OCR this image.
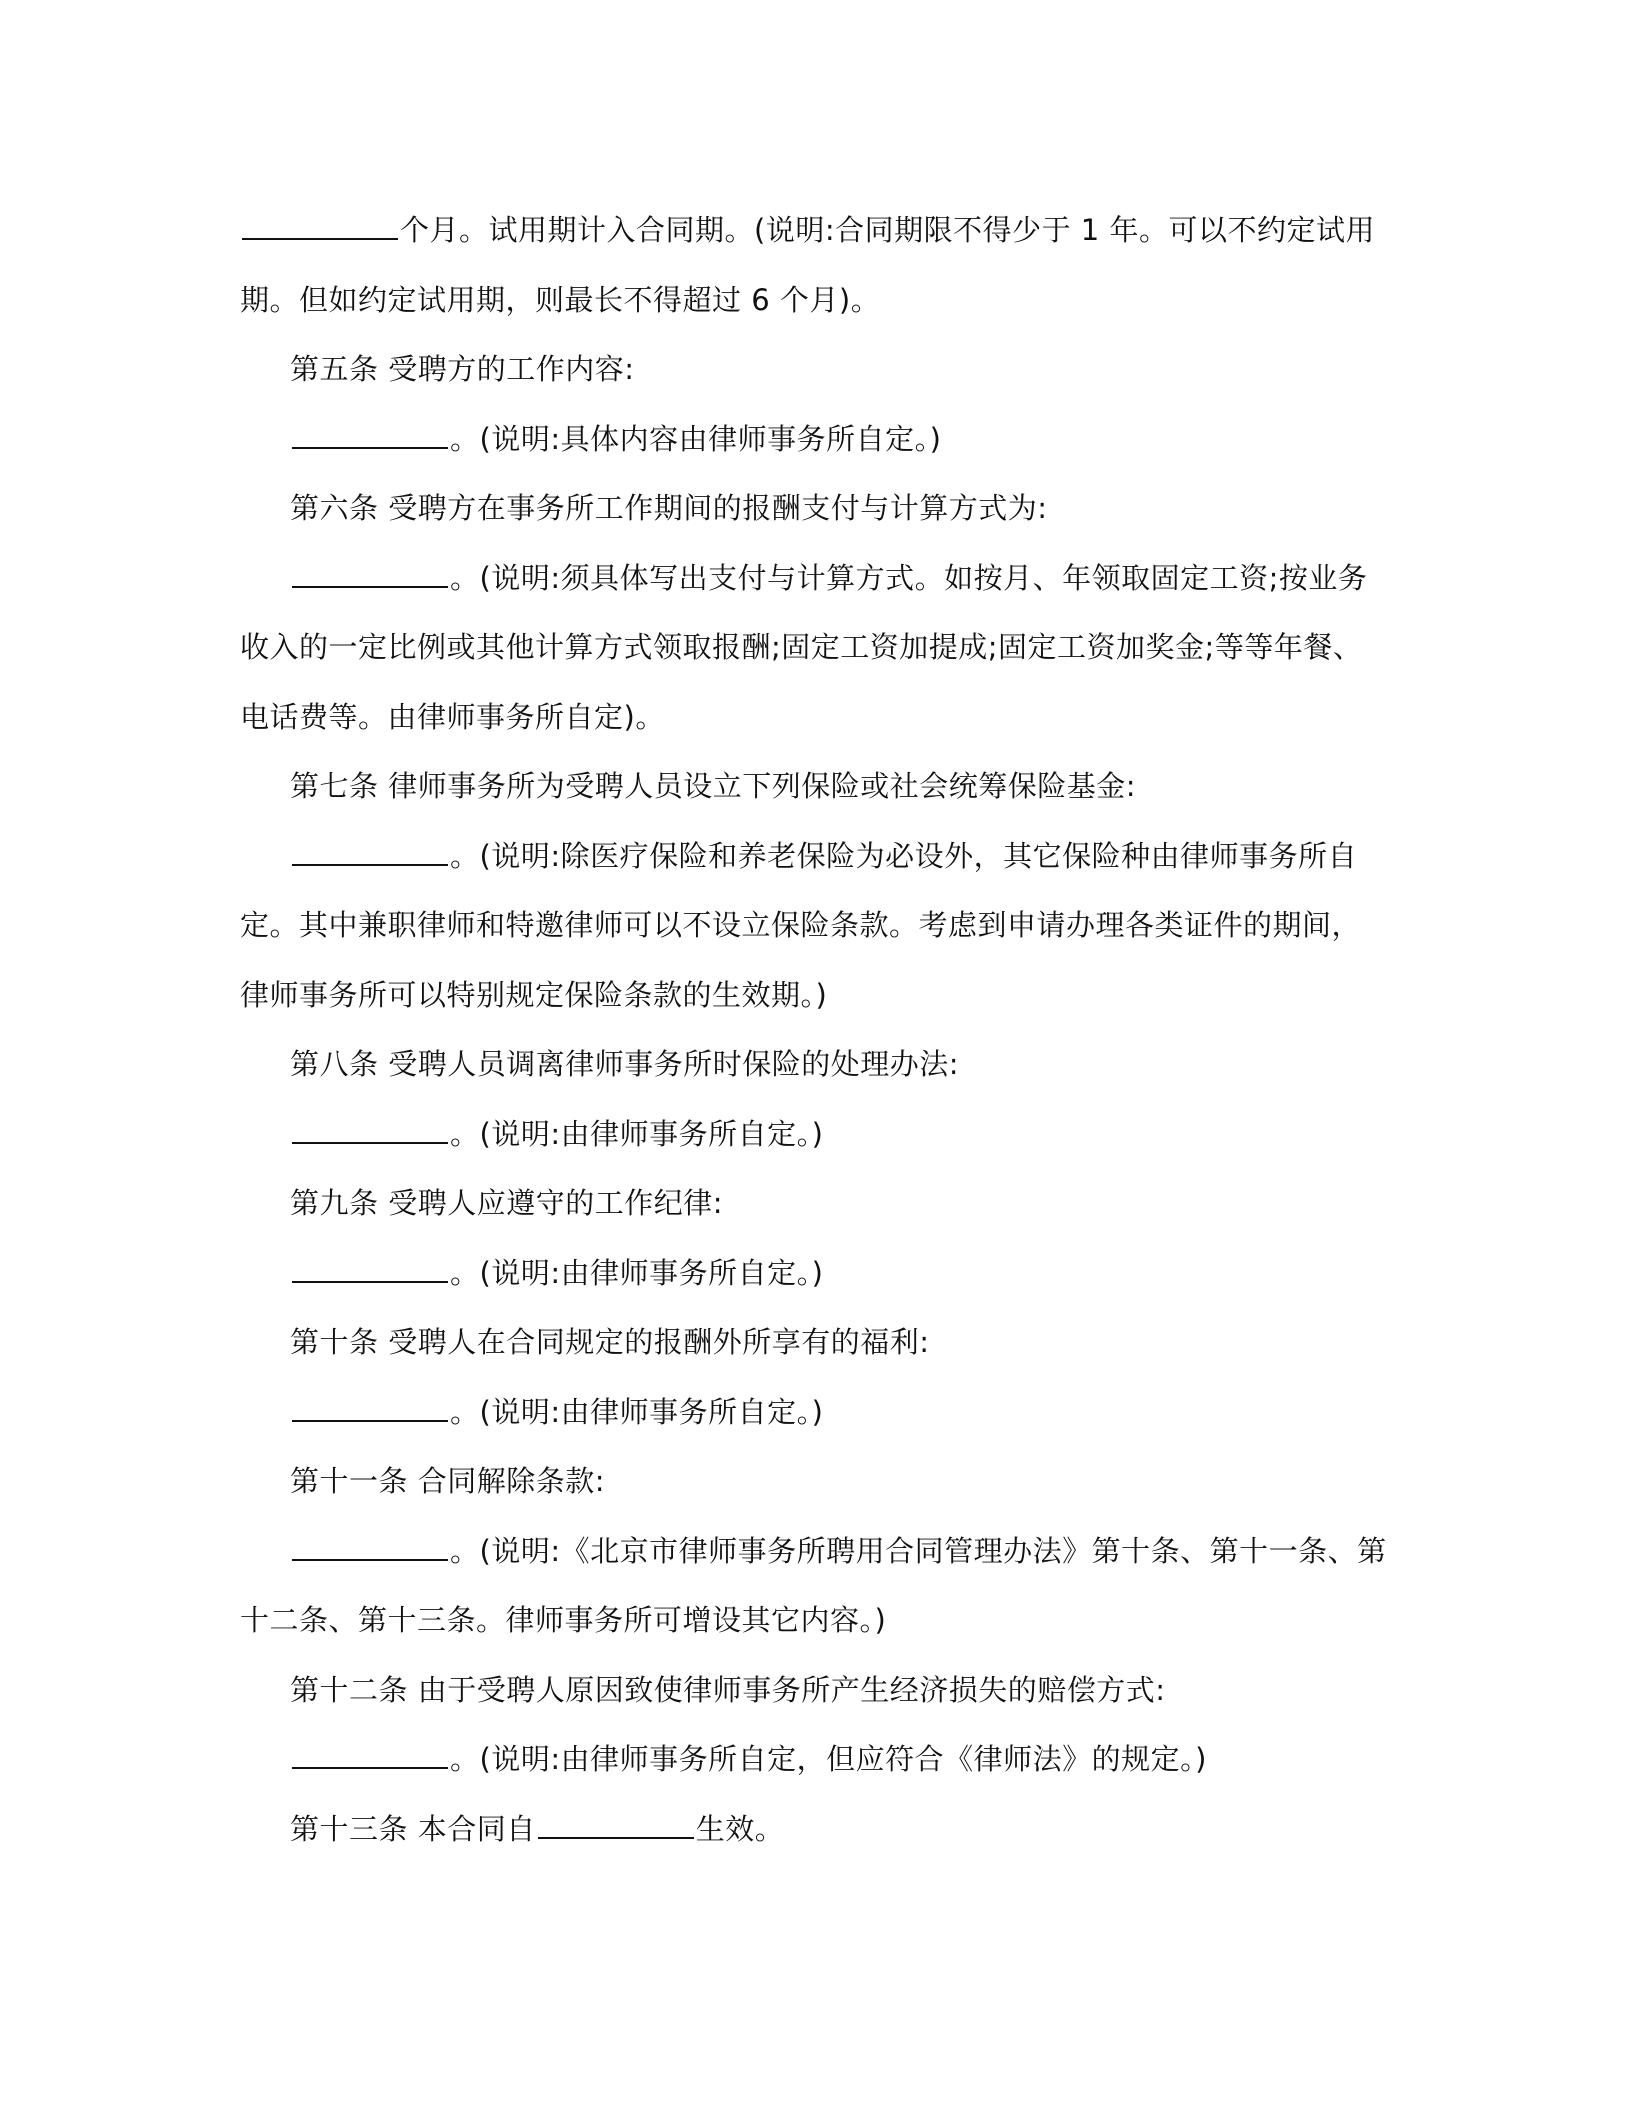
个月。试用期计入合同期。(说明:合同期限不得少于 1 年。可以不约定试用期。但如约定试用期，则最长不得超过 6 个月)。

第五条 受聘方的工作内容:

。(说明:具体内容由律师事务所自定。)

第六条 受聘方在事务所工作期间的报酬支付与计算方式为:

。(说明:须具体写出支付与计算方式。如按月、年领取固定工资;按业务收入的一定比例或其他计算方式领取报酬;固定工资加提成;固定工资加奖金;等等年餐、电话费等。由律师事务所自定)。

第七条 律师事务所为受聘人员设立下列保险或社会统筹保险基金:

。(说明:除医疗保险和养老保险为必设外，其它保险种由律师事务所自定。其中兼职律师和特邀律师可以不设立保险条款。考虑到申请办理各类证件的期间，律师事务所可以特别规定保险条款的生效期。)

第八条 受聘人员调离律师事务所时保险的处理办法:

。(说明:由律师事务所自定。)

第九条 受聘人应遵守的工作纪律:

。(说明:由律师事务所自定。)

第十条 受聘人在合同规定的报酬外所享有的福利:

。(说明:由律师事务所自定。)

第十一条 合同解除条款:

。(说明:《北京市律师事务所聘用合同管理办法》第十条、第十一条、第十二条、第十三条。律师事务所可增设其它内容。)

第十二条 由于受聘人原因致使律师事务所产生经济损失的赔偿方式:

。(说明:由律师事务所自定，但应符合《律师法》的规定。)

第十三条 本合同自	生效。
